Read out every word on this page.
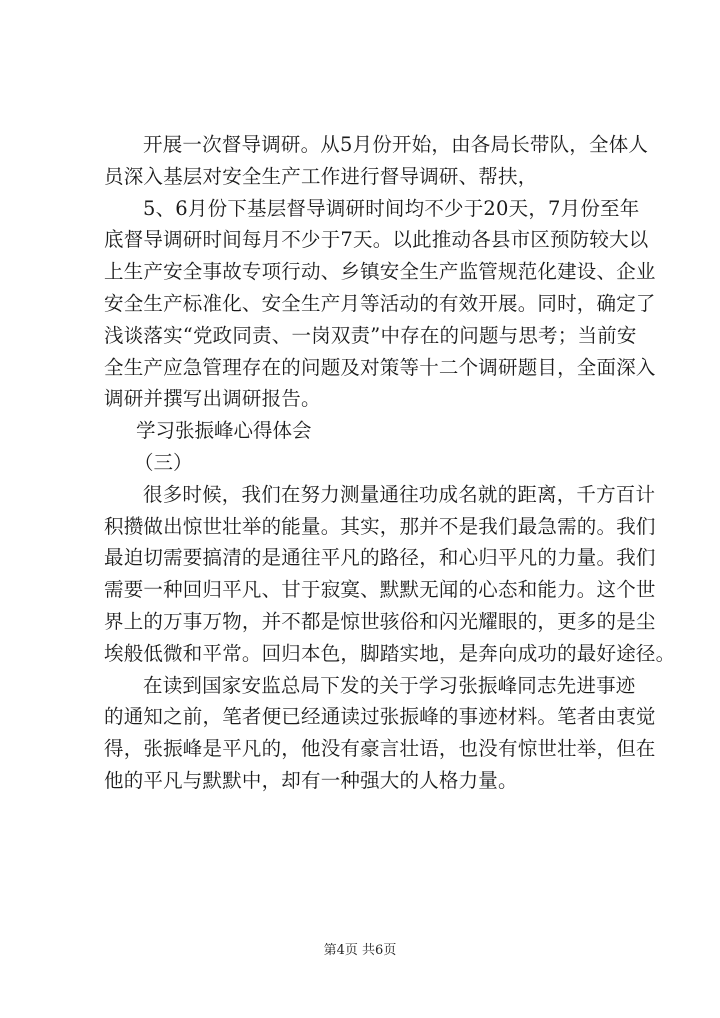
开展一次督导调研。从5月份开始，由各局长带队，全体人
员深入基层对安全生产工作进行督导调研、帮扶，
5、6月份下基层督导调研时间均不少于20天，7月份至年
底督导调研时间每月不少于7天。以此推动各县市区预防较大以
上生产安全事故专项行动、乡镇安全生产监管规范化建设、企业
安全生产标准化、安全生产月等活动的有效开展。同时，确定了
浅谈落实“党政同责、一岗双责”中存在的问题与思考；当前安
全生产应急管理存在的问题及对策等十二个调研题目，全面深入
调研并撰写出调研报告。
学习张振峰心得体会
（三）
很多时候，我们在努力测量通往功成名就的距离，千方百计
积攒做出惊世壮举的能量。其实，那并不是我们最急需的。我们
最迫切需要搞清的是通往平凡的路径，和心归平凡的力量。我们
需要一种回归平凡、甘于寂寞、默默无闻的心态和能力。这个世
界上的万事万物，并不都是惊世骇俗和闪光耀眼的，更多的是尘
埃般低微和平常。回归本色，脚踏实地，是奔向成功的最好途径。
在读到国家安监总局下发的关于学习张振峰同志先进事迹
的通知之前，笔者便已经通读过张振峰的事迹材料。笔者由衷觉
得，张振峰是平凡的，他没有豪言壮语，也没有惊世壮举，但在
他的平凡与默默中，却有一种强大的人格力量。
第4页 共6页
